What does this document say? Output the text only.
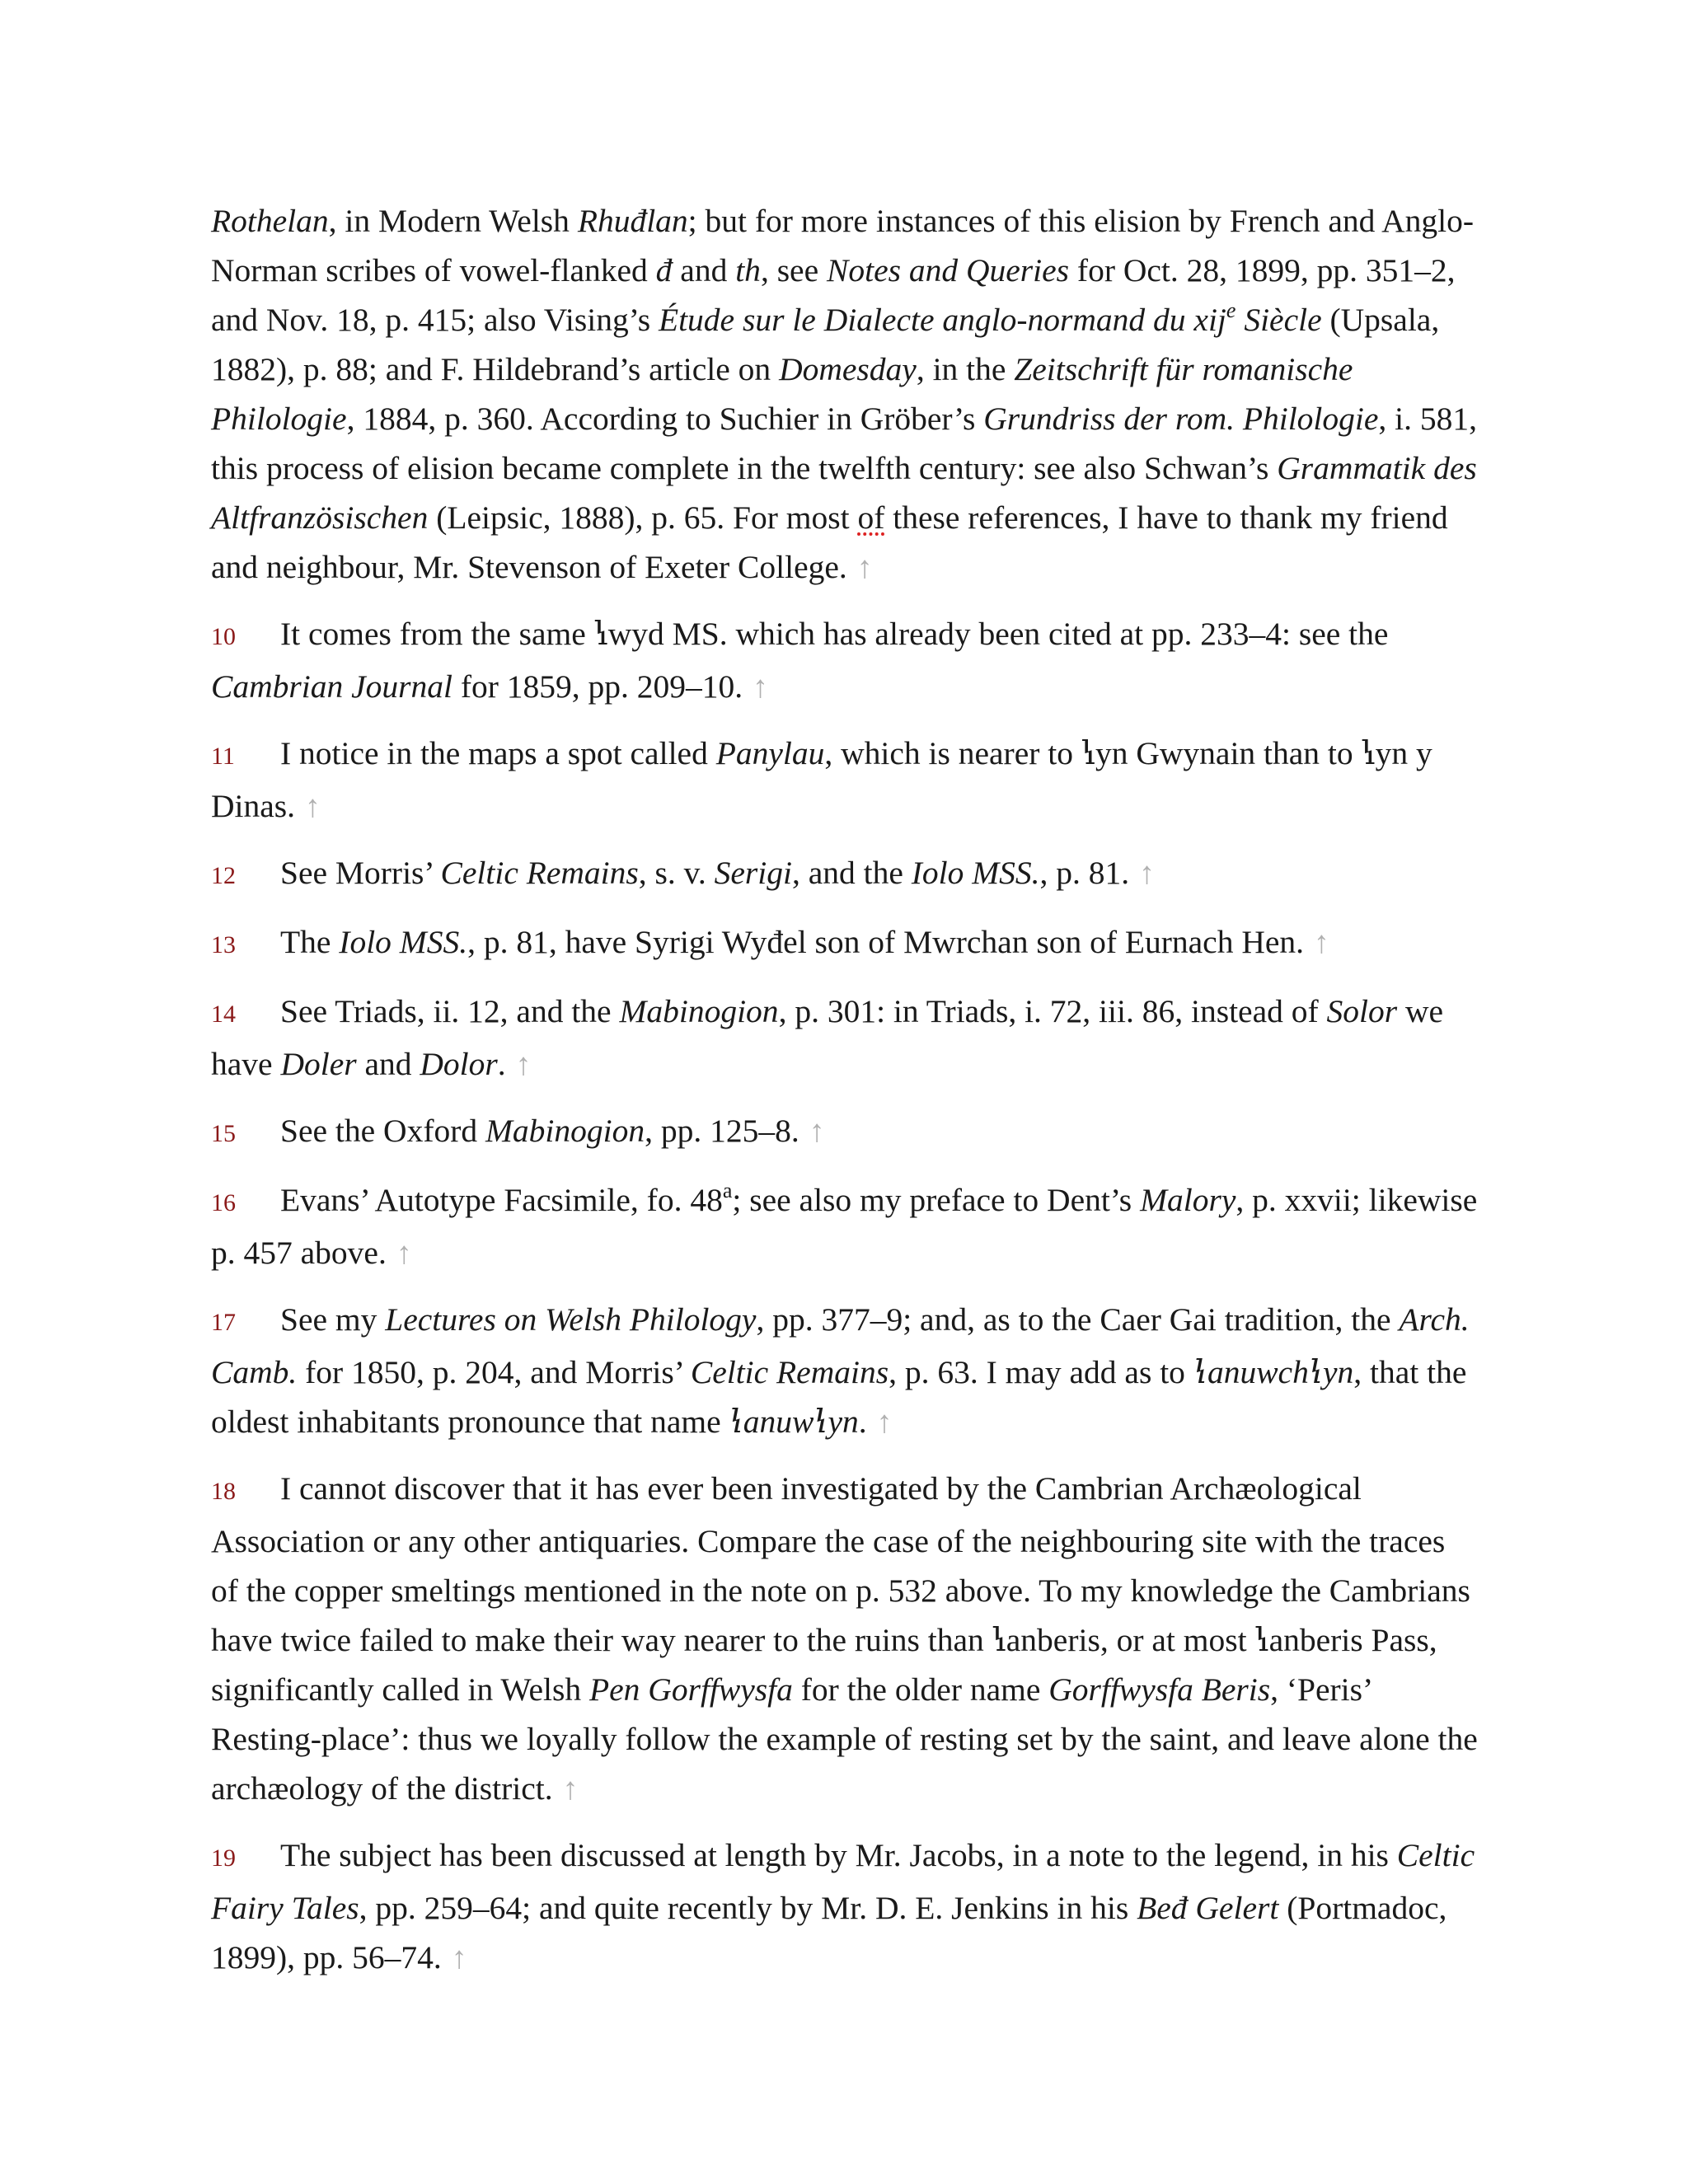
Rothelan, in Modern Welsh Rhuđlan; but for more instances of this elision by French and Anglo-Norman scribes of vowel-flanked đ and th, see Notes and Queries for Oct. 28, 1899, pp. 351–2, and Nov. 18, p. 415; also Vising’s Étude sur le Dialecte anglo-normand du xij$^e$ Siècle (Upsala, 1882), p. 88; and F. Hildebrand’s article on Domesday, in the Zeitschrift für romanische Philologie, 1884, p. 360. According to Suchier in Gröber’s Grundriss der rom. Philologie, i. 581, this process of elision became complete in the twelfth century: see also Schwan’s Grammatik des Altfranzösischen (Leipsic, 1888), p. 65. For most of these references, I have to thank my friend and neighbour, Mr. Stevenson of Exeter College. ↑

10 It comes from the same ꝇwyd MS. which has already been cited at pp. 233–4: see the Cambrian Journal for 1859, pp. 209–10. ↑

11 I notice in the maps a spot called Panylau, which is nearer to ꝇyn Gwynain than to ꝇyn y Dinas. ↑

12 See Morris’ Celtic Remains, s. v. Serigi, and the Iolo MSS., p. 81. ↑

13 The Iolo MSS., p. 81, have Syrigi Wyđel son of Mwrchan son of Eurnach Hen. ↑

14 See Triads, ii. 12, and the Mabinogion, p. 301: in Triads, i. 72, iii. 86, instead of Solor we have Doler and Dolor. ↑

15 See the Oxford Mabinogion, pp. 125–8. ↑

16 Evans’ Autotype Facsimile, fo. 48$^a$; see also my preface to Dent’s Malory, p. xxvii; likewise p. 457 above. ↑

17 See my Lectures on Welsh Philology, pp. 377–9; and, as to the Caer Gai tradition, the Arch. Camb. for 1850, p. 204, and Morris’ Celtic Remains, p. 63. I may add as to ꝇanuwchꝇyn, that the oldest inhabitants pronounce that name ꝇanuwꝇyn. ↑

18 I cannot discover that it has ever been investigated by the Cambrian Archæological Association or any other antiquaries. Compare the case of the neighbouring site with the traces of the copper smeltings mentioned in the note on p. 532 above. To my knowledge the Cambrians have twice failed to make their way nearer to the ruins than ꝇanberis, or at most ꝇanberis Pass, significantly called in Welsh Pen Gorffwysfa for the older name Gorffwysfa Beris, ‘Peris’ Resting-place’: thus we loyally follow the example of resting set by the saint, and leave alone the archæology of the district. ↑

19 The subject has been discussed at length by Mr. Jacobs, in a note to the legend, in his Celtic Fairy Tales, pp. 259–64; and quite recently by Mr. D. E. Jenkins in his Beđ Gelert (Portmadoc, 1899), pp. 56–74. ↑
